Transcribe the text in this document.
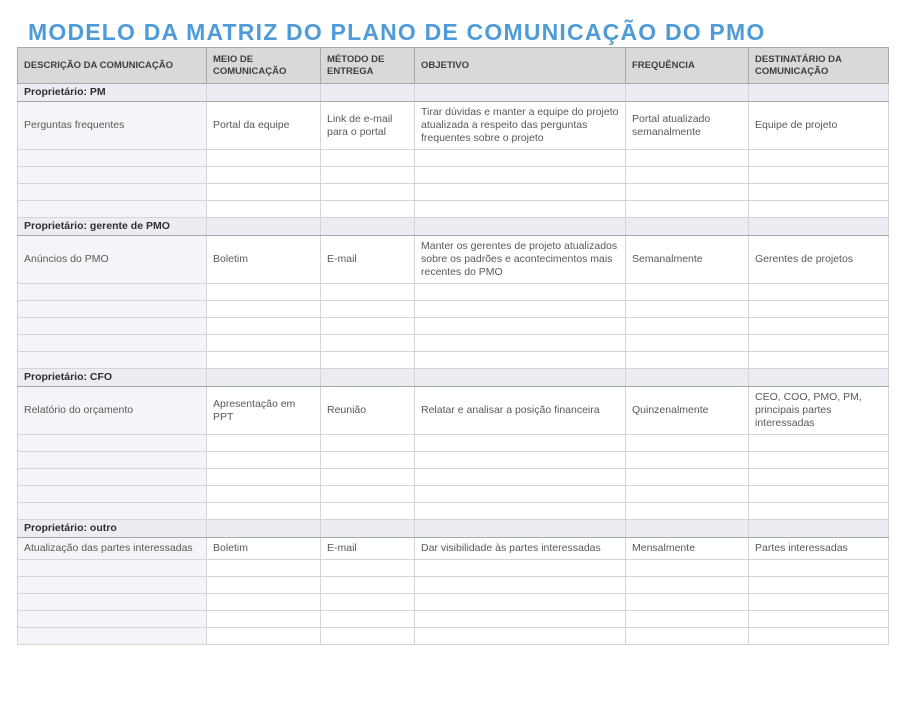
MODELO DA MATRIZ DO PLANO DE COMUNICAÇÃO DO PMO
DESCRIÇÃO DA COMUNICAÇÃO	MEIO DE COMUNICAÇÃO	MÉTODO DE ENTREGA	OBJETIVO	FREQUÊNCIA	DESTINATÁRIO DA COMUNICAÇÃO
Proprietário: PM					
Perguntas frequentes	Portal da equipe	Link de e-mail para o portal	Tirar dúvidas e manter a equipe do projeto atualizada a respeito das perguntas frequentes sobre o projeto	Portal atualizado semanalmente	Equipe de projeto

Proprietário: gerente de PMO					
Anúncios do PMO	Boletim	E-mail	Manter os gerentes de projeto atualizados sobre os padrões e acontecimentos mais recentes do PMO	Semanalmente	Gerentes de projetos

Proprietário: CFO					
Relatório do orçamento	Apresentação em PPT	Reunião	Relatar e analisar a posição financeira	Quinzenalmente	CEO, COO, PMO, PM, principais partes interessadas

Proprietário: outro					
Atualização das partes interessadas	Boletim	E-mail	Dar visibilidade às partes interessadas	Mensalmente	Partes interessadas
